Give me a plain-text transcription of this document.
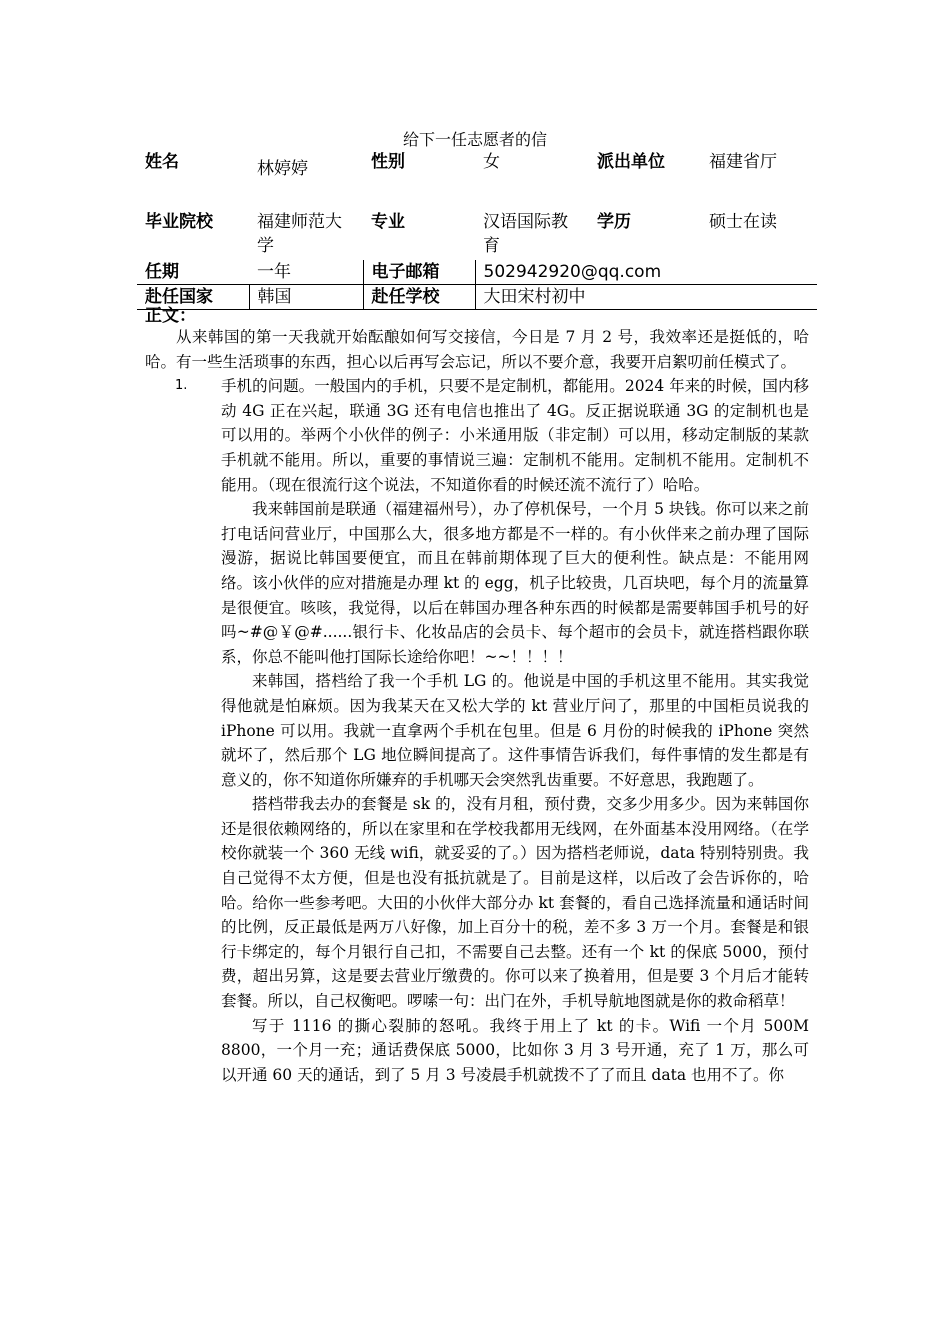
给下一任志愿者的信
姓名	林婷婷	性别	女	派出单位	福建省厅
毕业院校	福建师范大学	专业	汉语国际教育	学历	硕士在读
任期	一年	电子邮箱	502942920@qq.com		
赴任国家	韩国	赴任学校	大田宋村初中		
正文：

从来韩国的第一天我就开始酝酿如何写交接信，今日是 7 月 2 号，我效率还是挺低的，哈哈。有一些生活琐事的东西，担心以后再写会忘记，所以不要介意，我要开启絮叨前任模式了。

1. 手机的问题。一般国内的手机，只要不是定制机，都能用。2024 年来的时候，国内移动 4G 正在兴起，联通 3G 还有电信也推出了 4G。反正据说联通 3G 的定制机也是可以用的。举两个小伙伴的例子：小米通用版（非定制）可以用，移动定制版的某款手机就不能用。所以，重要的事情说三遍：定制机不能用。定制机不能用。定制机不能用。（现在很流行这个说法，不知道你看的时候还流不流行了）哈哈。

我来韩国前是联通（福建福州号），办了停机保号，一个月 5 块钱。你可以来之前打电话问营业厅，中国那么大，很多地方都是不一样的。有小伙伴来之前办理了国际漫游，据说比韩国要便宜，而且在韩前期体现了巨大的便利性。缺点是：不能用网络。该小伙伴的应对措施是办理 kt 的 egg，机子比较贵，几百块吧，每个月的流量算是很便宜。咳咳，我觉得，以后在韩国办理各种东西的时候都是需要韩国手机号的好吗~#@￥@#......银行卡、化妆品店的会员卡、每个超市的会员卡，就连搭档跟你联系，你总不能叫他打国际长途给你吧！~~！！！！

来韩国，搭档给了我一个手机 LG 的。他说是中国的手机这里不能用。其实我觉得他就是怕麻烦。因为我某天在又松大学的 kt 营业厅问了，那里的中国柜员说我的 iPhone 可以用。我就一直拿两个手机在包里。但是 6 月份的时候我的 iPhone 突然就坏了，然后那个 LG 地位瞬间提高了。这件事情告诉我们，每件事情的发生都是有意义的，你不知道你所嫌弃的手机哪天会突然乳齿重要。不好意思，我跑题了。

搭档带我去办的套餐是 sk 的，没有月租，预付费，交多少用多少。因为来韩国你还是很依赖网络的，所以在家里和在学校我都用无线网，在外面基本没用网络。（在学校你就装一个 360 无线 wifi，就妥妥的了。）因为搭档老师说，data 特别特别贵。我自己觉得不太方便，但是也没有抵抗就是了。目前是这样，以后改了会告诉你的，哈哈。给你一些参考吧。大田的小伙伴大部分办 kt 套餐的，看自己选择流量和通话时间的比例，反正最低是两万八好像，加上百分十的税，差不多 3 万一个月。套餐是和银行卡绑定的，每个月银行自己扣，不需要自己去整。还有一个 kt 的保底 5000，预付费，超出另算，这是要去营业厅缴费的。你可以来了换着用，但是要 3 个月后才能转套餐。所以，自己权衡吧。啰嗦一句：出门在外，手机导航地图就是你的救命稻草！

写于 1116 的撕心裂肺的怒吼。我终于用上了 kt 的卡。Wifi 一个月 500M 8800，一个月一充；通话费保底 5000，比如你 3 月 3 号开通，充了 1 万，那么可以开通 60 天的通话，到了 5 月 3 号凌晨手机就拨不了了而且 data 也用不了。你
